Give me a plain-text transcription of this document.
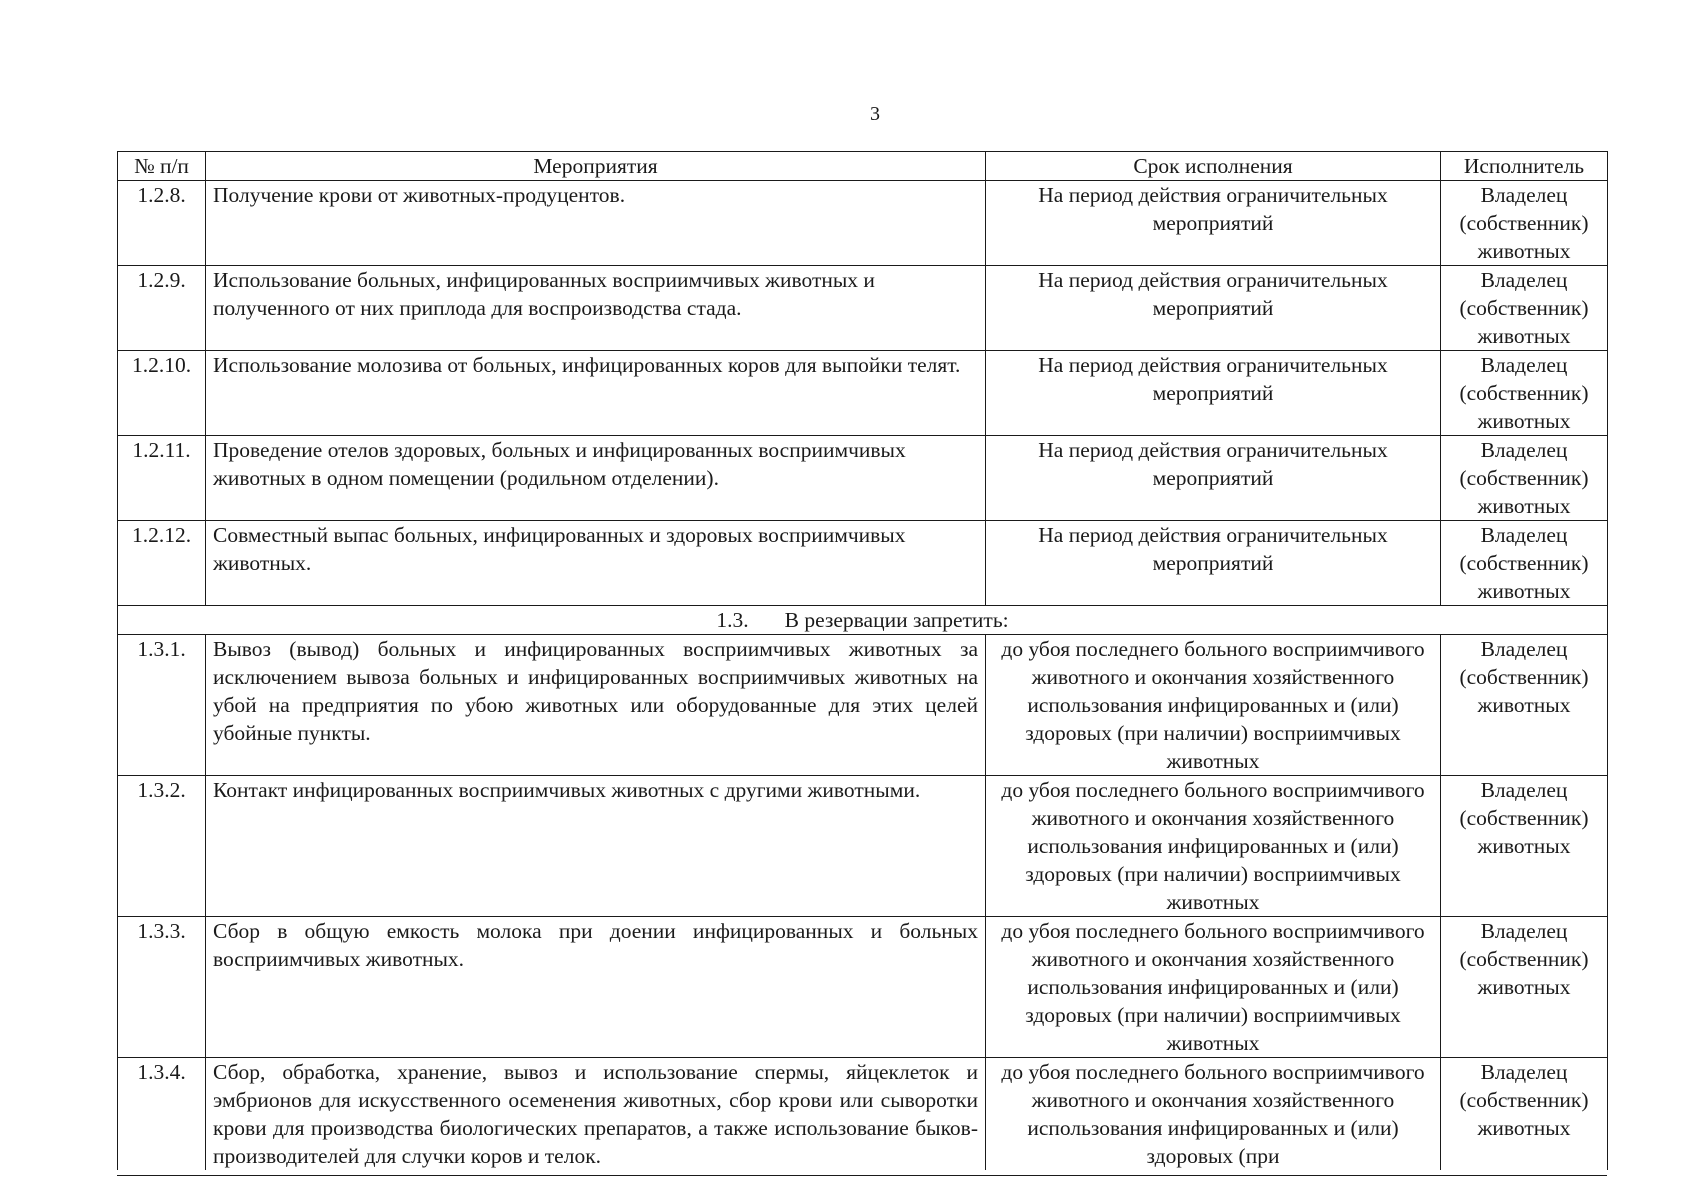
3
№ п/п	Мероприятия	Срок исполнения	Исполнитель
1.2.8.	Получение крови от животных-продуцентов.	На период действия ограничительных мероприятий	Владелец (собственник) животных
1.2.9.	Использование больных, инфицированных восприимчивых животных и полученного от них приплода для воспроизводства стада.	На период действия ограничительных мероприятий	Владелец (собственник) животных
1.2.10.	Использование молозива от больных, инфицированных коров для выпойки телят.	На период действия ограничительных мероприятий	Владелец (собственник) животных
1.2.11.	Проведение отелов здоровых, больных и инфицированных восприимчивых животных в одном помещении (родильном отделении).	На период действия ограничительных мероприятий	Владелец (собственник) животных
1.2.12.	Совместный выпас больных, инфицированных и здоровых восприимчивых животных.	На период действия ограничительных мероприятий	Владелец (собственник) животных
1.3. В резервации запретить:			
1.3.1.	Вывоз (вывод) больных и инфицированных восприимчивых животных за исключением вывоза больных и инфицированных восприимчивых животных на убой на предприятия по убою животных или оборудованные для этих целей убойные пункты.	до убоя последнего больного восприимчивого животного и окончания хозяйственного использования инфицированных и (или) здоровых (при наличии) восприимчивых животных	Владелец (собственник) животных
1.3.2.	Контакт инфицированных восприимчивых животных с другими животными.	до убоя последнего больного восприимчивого животного и окончания хозяйственного использования инфицированных и (или) здоровых (при наличии) восприимчивых животных	Владелец (собственник) животных
1.3.3.	Сбор в общую емкость молока при доении инфицированных и больных восприимчивых животных.	до убоя последнего больного восприимчивого животного и окончания хозяйственного использования инфицированных и (или) здоровых (при наличии) восприимчивых животных	Владелец (собственник) животных
1.3.4.	Сбор, обработка, хранение, вывоз и использование спермы, яйцеклеток и эмбрионов для искусственного осеменения животных, сбор крови или сыворотки крови для производства биологических препаратов, а также использование быков-производителей для случки коров и телок.	до убоя последнего больного восприимчивого животного и окончания хозяйственного использования инфицированных и (или) здоровых (при	Владелец (собственник) животных
